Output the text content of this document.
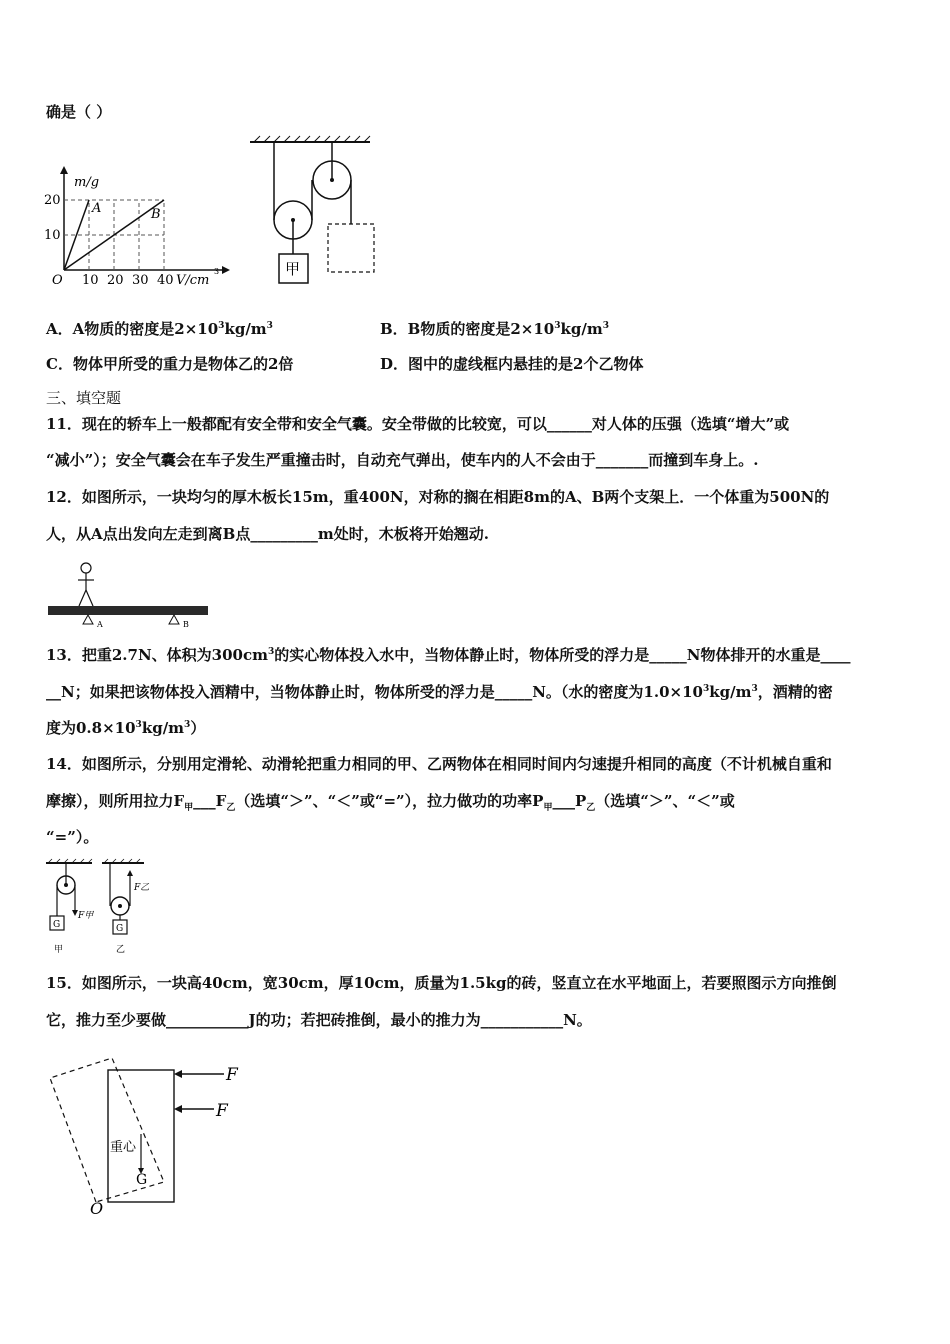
确是（ ）
m/g
20
10
O 10 20 30 40 V/cm
3
A	B
甲
A．A物质的密度是$2\times 10^3kg/m^3$	B．B物质的密度是$2\times 10^3kg/m^3$
C．物体甲所受的重力是物体乙的2倍	D．图中的虚线框内悬挂的是2个乙物体
三、填空题
11．现在的轿车上一般都配有安全带和安全气囊。安全带做的比较宽，可以______对人体的压强（选填“增大”或
“减小”）；安全气囊会在车子发生严重撞击时，自动充气弹出，使车内的人不会由于_______而撞到车身上。.
12．如图所示，一块均匀的厚木板长15m，重400N，对称的搁在相距8m的A、B两个支架上．一个体重为500N的
人，从A点出发向左走到离B点_________m处时，木板将开始翘动.
A	B
13．把重2.7N、体积为$300cm^3$的实心物体投入水中，当物体静止时，物体所受的浮力是_____N物体排开的水重是____
__N；如果把该物体投入酒精中，当物体静止时，物体所受的浮力是_____N。（水的密度为$1.0\times 10^3kg/m^3$，酒精的密
度为$0.8\times 10^3kg/m^3$）
14．如图所示，分别用定滑轮、动滑轮把重力相同的甲、乙两物体在相同时间内匀速提升相同的高度（不计机械自重和
摩擦），则所用拉力$F_甲\_\_\_F_乙$（选填“＞”、“＜”或“=”），拉力做功的功率$P_甲\_\_\_P_乙$（选填“＞”、“＜”或
“=”）。
G
F甲
甲
G
F乙
乙
15．如图所示，一块高40cm，宽30cm，厚10cm，质量为1.5kg的砖，竖直立在水平地面上，若要照图示方向推倒
它，推力至少要做___________J的功；若把砖推倒，最小的推力为___________N。
F
F
重心
G
O
